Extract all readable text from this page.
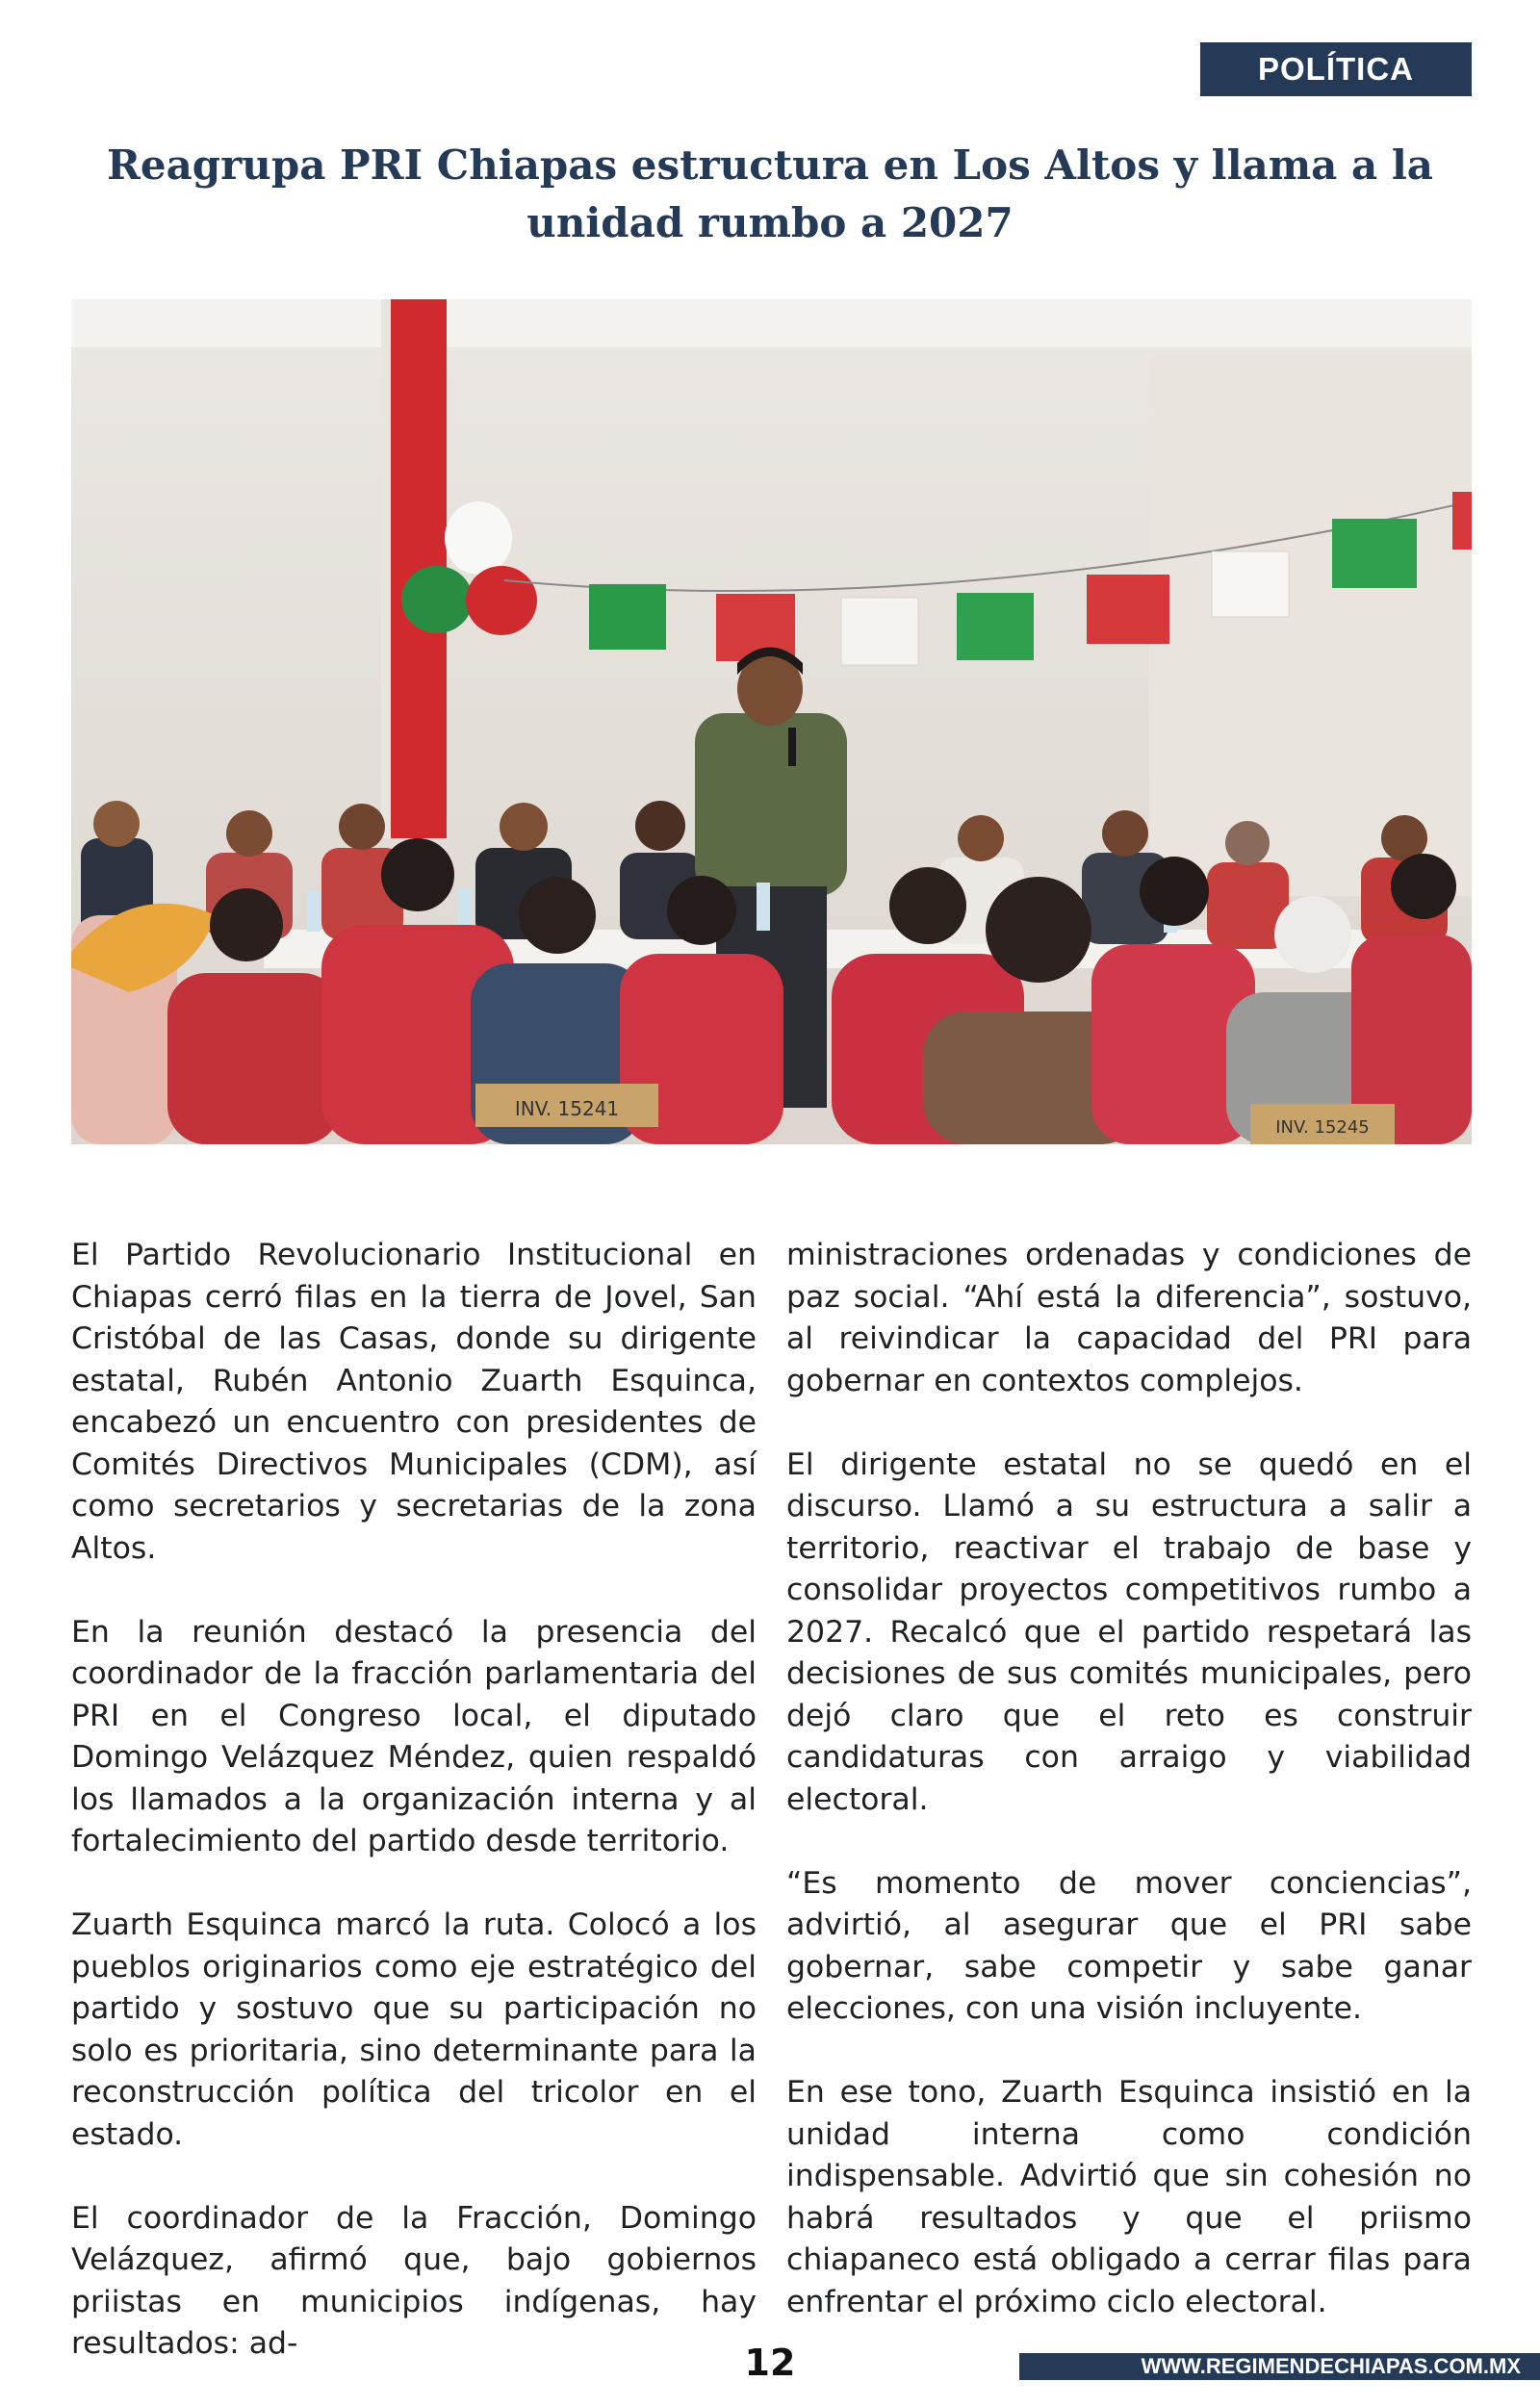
POLÍTICA
Reagrupa PRI Chiapas estructura en Los Altos y llama a la
unidad rumbo a 2027
INV. 15241
INV. 15245

El Partido Revolucionario Institucional en Chiapas cerró filas en la tierra de Jovel, San Cristóbal de las Casas, donde su dirigente estatal, Rubén Antonio Zuarth Esquinca, encabezó un encuentro con presidentes de Comités Directivos Municipales (CDM), así como secretarios y secretarias de la zona Altos.

En la reunión destacó la presencia del coordinador de la fracción parlamentaria del PRI en el Congreso local, el diputado Domingo Velázquez Méndez, quien respaldó los llamados a la organización interna y al fortalecimiento del partido desde territorio.

Zuarth Esquinca marcó la ruta. Colocó a los pueblos originarios como eje estratégico del partido y sostuvo que su participación no solo es prioritaria, sino determinante para la reconstrucción política del tricolor en el estado.

El coordinador de la Fracción, Domingo Velázquez, afirmó que, bajo gobiernos priistas en municipios indígenas, hay resultados: ad-

ministraciones ordenadas y condiciones de paz social. “Ahí está la diferencia”, sostuvo, al reivindicar la capacidad del PRI para gobernar en contextos complejos.

El dirigente estatal no se quedó en el discurso. Llamó a su estructura a salir a territorio, reactivar el trabajo de base y consolidar proyectos competitivos rumbo a 2027. Recalcó que el partido respetará las decisiones de sus comités municipales, pero dejó claro que el reto es construir candidaturas con arraigo y viabilidad electoral.

“Es momento de mover conciencias”, advirtió, al asegurar que el PRI sabe gobernar, sabe competir y sabe ganar elecciones, con una visión incluyente.

En ese tono, Zuarth Esquinca insistió en la unidad interna como condición indispensable. Advirtió que sin cohesión no habrá resultados y que el priismo chiapaneco está obligado a cerrar filas para enfrentar el próximo ciclo electoral.

12	WWW.REGIMENDECHIAPAS.COM.MX
